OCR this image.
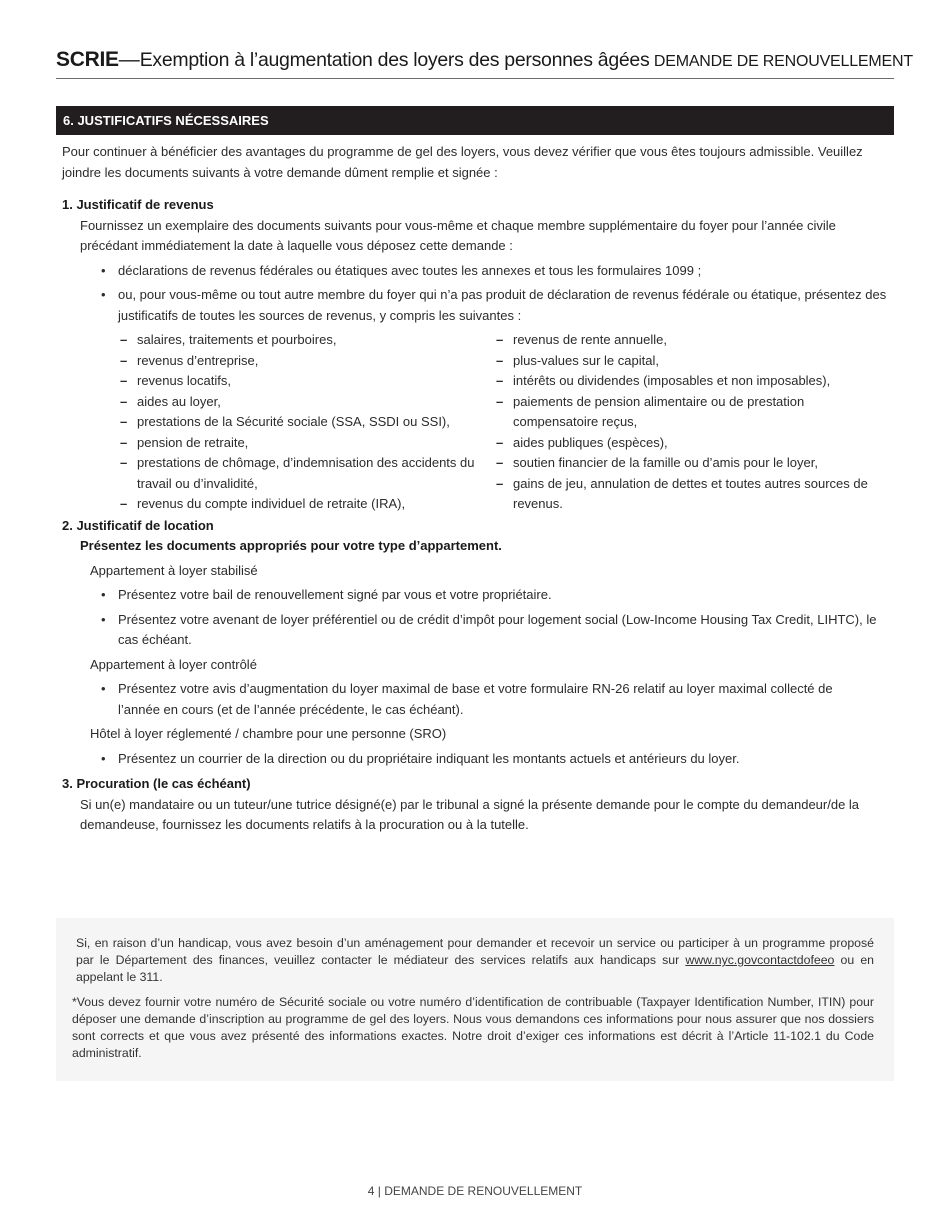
SCRIE—Exemption à l’augmentation des loyers des personnes âgées DEMANDE DE RENOUVELLEMENT
6. JUSTIFICATIFS NÉCESSAIRES

Pour continuer à bénéficier des avantages du programme de gel des loyers, vous devez vérifier que vous êtes toujours admissible. Veuillez joindre les documents suivants à votre demande dûment remplie et signée :

1. Justificatif de revenus

Fournissez un exemplaire des documents suivants pour vous-même et chaque membre supplémentaire du foyer pour l’année civile précédant immédiatement la date à laquelle vous déposez cette demande :

• déclarations de revenus fédérales ou étatiques avec toutes les annexes et tous les formulaires 1099 ;
• ou, pour vous-même ou tout autre membre du foyer qui n’a pas produit de déclaration de revenus fédérale ou étatique, présentez des justificatifs de toutes les sources de revenus, y compris les suivantes :
– salaires, traitements et pourboires,
– revenus d’entreprise,
– revenus locatifs,
– aides au loyer,
– prestations de la Sécurité sociale (SSA, SSDI ou SSI),
– pension de retraite,
– prestations de chômage, d’indemnisation des accidents du travail ou d’invalidité,
– revenus du compte individuel de retraite (IRA),
– revenus de rente annuelle,
– plus-values sur le capital,
– intérêts ou dividendes (imposables et non imposables),
– paiements de pension alimentaire ou de prestation compensatoire reçus,
– aides publiques (espèces),
– soutien financier de la famille ou d’amis pour le loyer,
– gains de jeu, annulation de dettes et toutes autres sources de revenus.

2. Justificatif de location

Présentez les documents appropriés pour votre type d’appartement.

Appartement à loyer stabilisé

• Présentez votre bail de renouvellement signé par vous et votre propriétaire.
• Présentez votre avenant de loyer préférentiel ou de crédit d’impôt pour logement social (Low-Income Housing Tax Credit, LIHTC), le cas échéant.

Appartement à loyer contrôlé

• Présentez votre avis d’augmentation du loyer maximal de base et votre formulaire RN-26 relatif au loyer maximal collecté de l’année en cours (et de l’année précédente, le cas échéant).

Hôtel à loyer réglementé / chambre pour une personne (SRO)

• Présentez un courrier de la direction ou du propriétaire indiquant les montants actuels et antérieurs du loyer.

3. Procuration (le cas échéant)

Si un(e) mandataire ou un tuteur/une tutrice désigné(e) par le tribunal a signé la présente demande pour le compte du demandeur/de la demandeuse, fournissez les documents relatifs à la procuration ou à la tutelle.

Si, en raison d’un handicap, vous avez besoin d’un aménagement pour demander et recevoir un service ou participer à un programme proposé par le Département des finances, veuillez contacter le médiateur des services relatifs aux handicaps sur www.nyc.govcontactdofeeo ou en appelant le 311.

*Vous devez fournir votre numéro de Sécurité sociale ou votre numéro d’identification de contribuable (Taxpayer Identification Number, ITIN) pour déposer une demande d’inscription au programme de gel des loyers. Nous vous demandons ces informations pour nous assurer que nos dossiers sont corrects et que vous avez présenté des informations exactes. Notre droit d’exiger ces informations est décrit à l’Article 11-102.1 du Code administratif.

4 | DEMANDE DE RENOUVELLEMENT
